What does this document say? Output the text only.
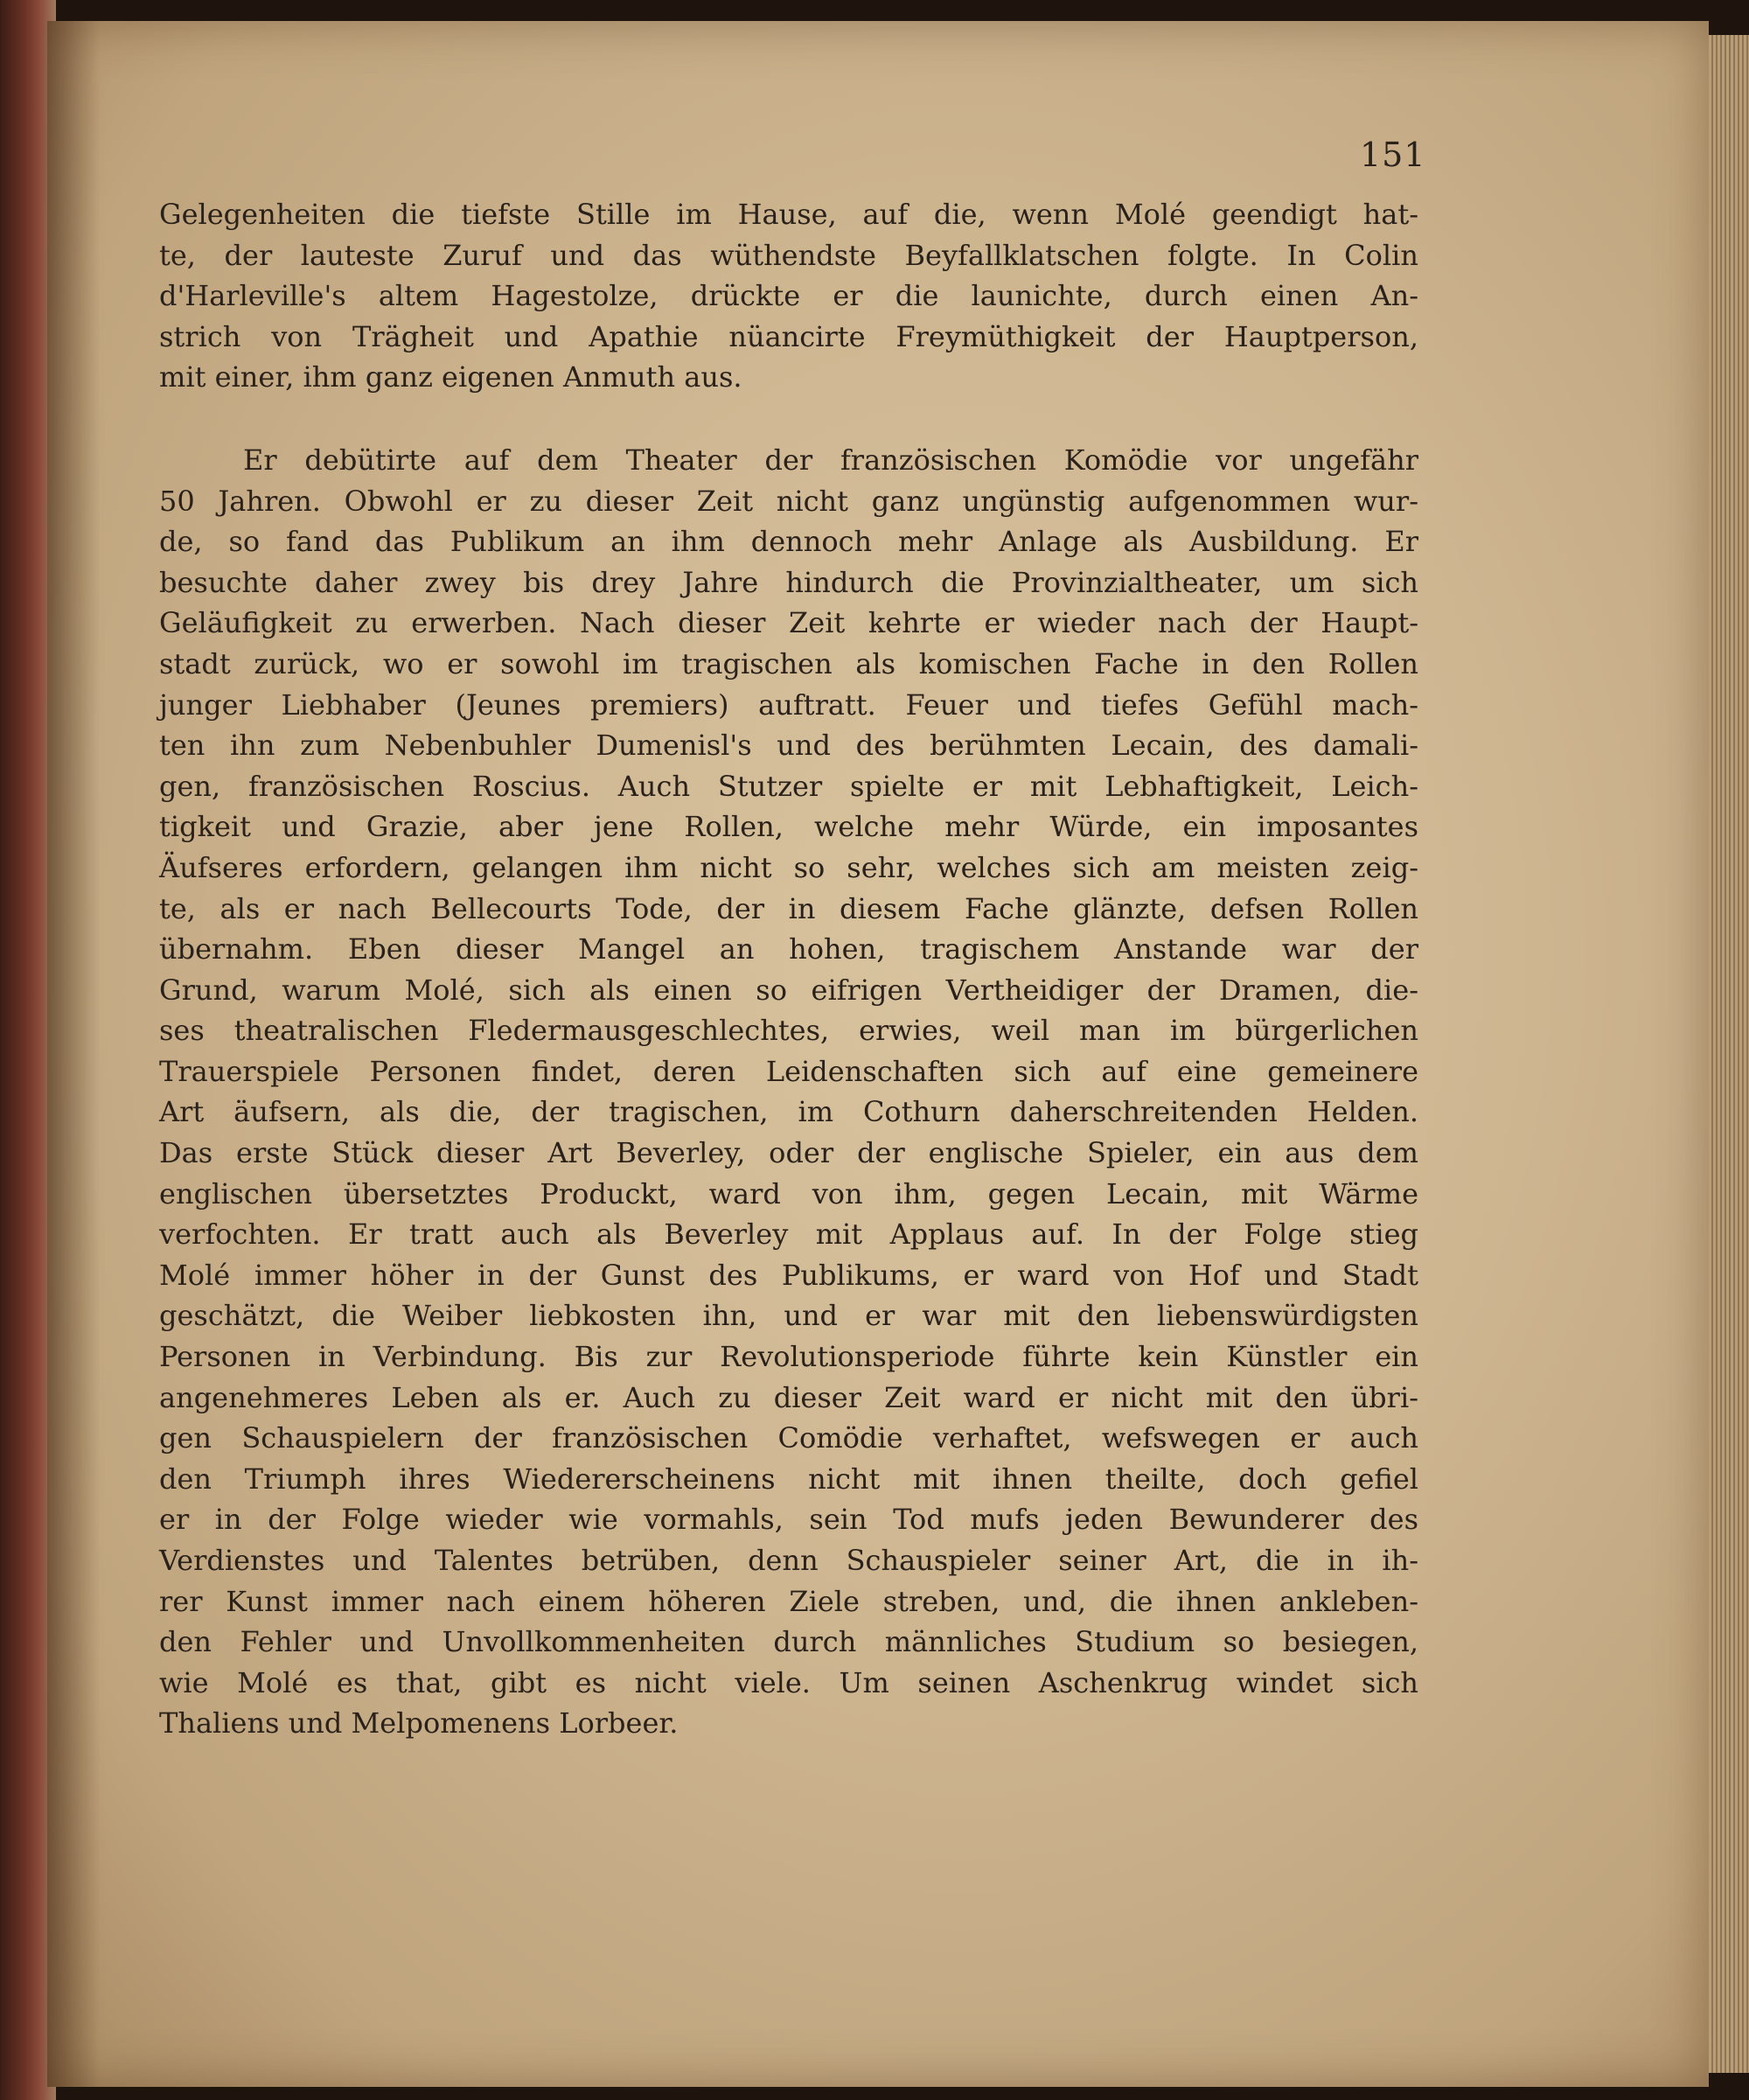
151
Gelegenheiten die tiefste Stille im Hause, auf die, wenn Molé geendigt hat-
te, der lauteste Zuruf und das wüthendste Beyfallklatschen folgte. In Colin
d'Harleville's altem Hagestolze, drückte er die launichte, durch einen An-
strich von Trägheit und Apathie nüancirte Freymüthigkeit der Hauptperson,
mit einer, ihm ganz eigenen Anmuth aus.
Er debütirte auf dem Theater der französischen Komödie vor ungefähr
50 Jahren. Obwohl er zu dieser Zeit nicht ganz ungünstig aufgenommen wur-
de, so fand das Publikum an ihm dennoch mehr Anlage als Ausbildung. Er
besuchte daher zwey bis drey Jahre hindurch die Provinzialtheater, um sich
Geläufigkeit zu erwerben. Nach dieser Zeit kehrte er wieder nach der Haupt-
stadt zurück, wo er sowohl im tragischen als komischen Fache in den Rollen
junger Liebhaber (Jeunes premiers) auftratt. Feuer und tiefes Gefühl mach-
ten ihn zum Nebenbuhler Dumenisl's und des berühmten Lecain, des damali-
gen, französischen Roscius. Auch Stutzer spielte er mit Lebhaftigkeit, Leich-
tigkeit und Grazie, aber jene Rollen, welche mehr Würde, ein imposantes
Äufseres erfordern, gelangen ihm nicht so sehr, welches sich am meisten zeig-
te, als er nach Bellecourts Tode, der in diesem Fache glänzte, defsen Rollen
übernahm. Eben dieser Mangel an hohen, tragischem Anstande war der
Grund, warum Molé, sich als einen so eifrigen Vertheidiger der Dramen, die-
ses theatralischen Fledermausgeschlechtes, erwies, weil man im bürgerlichen
Trauerspiele Personen findet, deren Leidenschaften sich auf eine gemeinere
Art äufsern, als die, der tragischen, im Cothurn daherschreitenden Helden.
Das erste Stück dieser Art Beverley, oder der englische Spieler, ein aus dem
englischen übersetztes Produckt, ward von ihm, gegen Lecain, mit Wärme
verfochten. Er tratt auch als Beverley mit Applaus auf. In der Folge stieg
Molé immer höher in der Gunst des Publikums, er ward von Hof und Stadt
geschätzt, die Weiber liebkosten ihn, und er war mit den liebenswürdigsten
Personen in Verbindung. Bis zur Revolutionsperiode führte kein Künstler ein
angenehmeres Leben als er. Auch zu dieser Zeit ward er nicht mit den übri-
gen Schauspielern der französischen Comödie verhaftet, wefswegen er auch
den Triumph ihres Wiedererscheinens nicht mit ihnen theilte, doch gefiel
er in der Folge wieder wie vormahls, sein Tod mufs jeden Bewunderer des
Verdienstes und Talentes betrüben, denn Schauspieler seiner Art, die in ih-
rer Kunst immer nach einem höheren Ziele streben, und, die ihnen ankleben-
den Fehler und Unvollkommenheiten durch männliches Studium so besiegen,
wie Molé es that, gibt es nicht viele. Um seinen Aschenkrug windet sich
Thaliens und Melpomenens Lorbeer.
